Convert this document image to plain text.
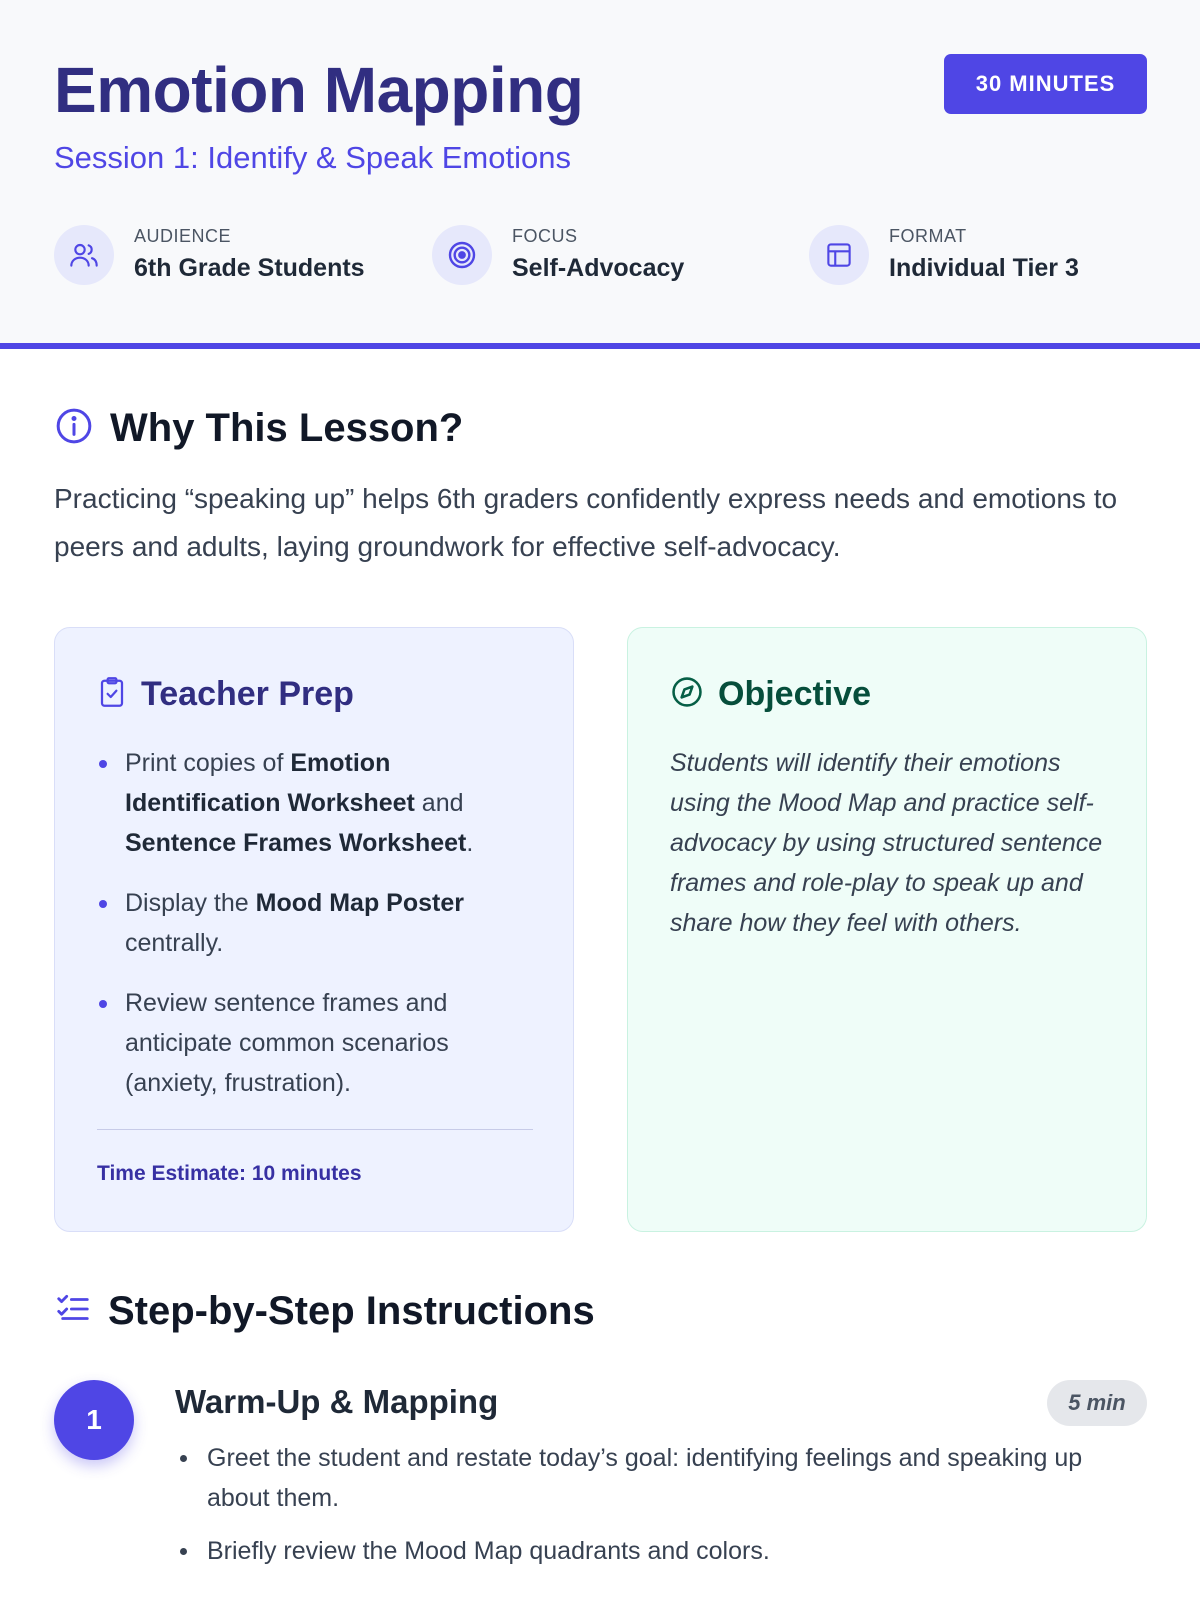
Emotion Mapping
Session 1: Identify & Speak Emotions
30 MINUTES
AUDIENCE
6th Grade Students
FOCUS
Self-Advocacy
FORMAT
Individual Tier 3
Why This Lesson?

Practicing “speaking up” helps 6th graders confidently express needs and emotions to peers and adults, laying groundwork for effective self-advocacy.

Teacher Prep
Print copies of Emotion Identification Worksheet and Sentence Frames Worksheet.
Display the Mood Map Poster centrally.
Review sentence frames and anticipate common scenarios (anxiety, frustration).
Time Estimate: 10 minutes
Objective

Students will identify their emotions using the Mood Map and practice self-advocacy by using structured sentence frames and role-play to speak up and share how they feel with others.

Step-by-Step Instructions
1	Warm-Up & Mapping	5 min
Greet the student and restate today’s goal: identifying feelings and speaking up about them.
Briefly review the Mood Map quadrants and colors.
